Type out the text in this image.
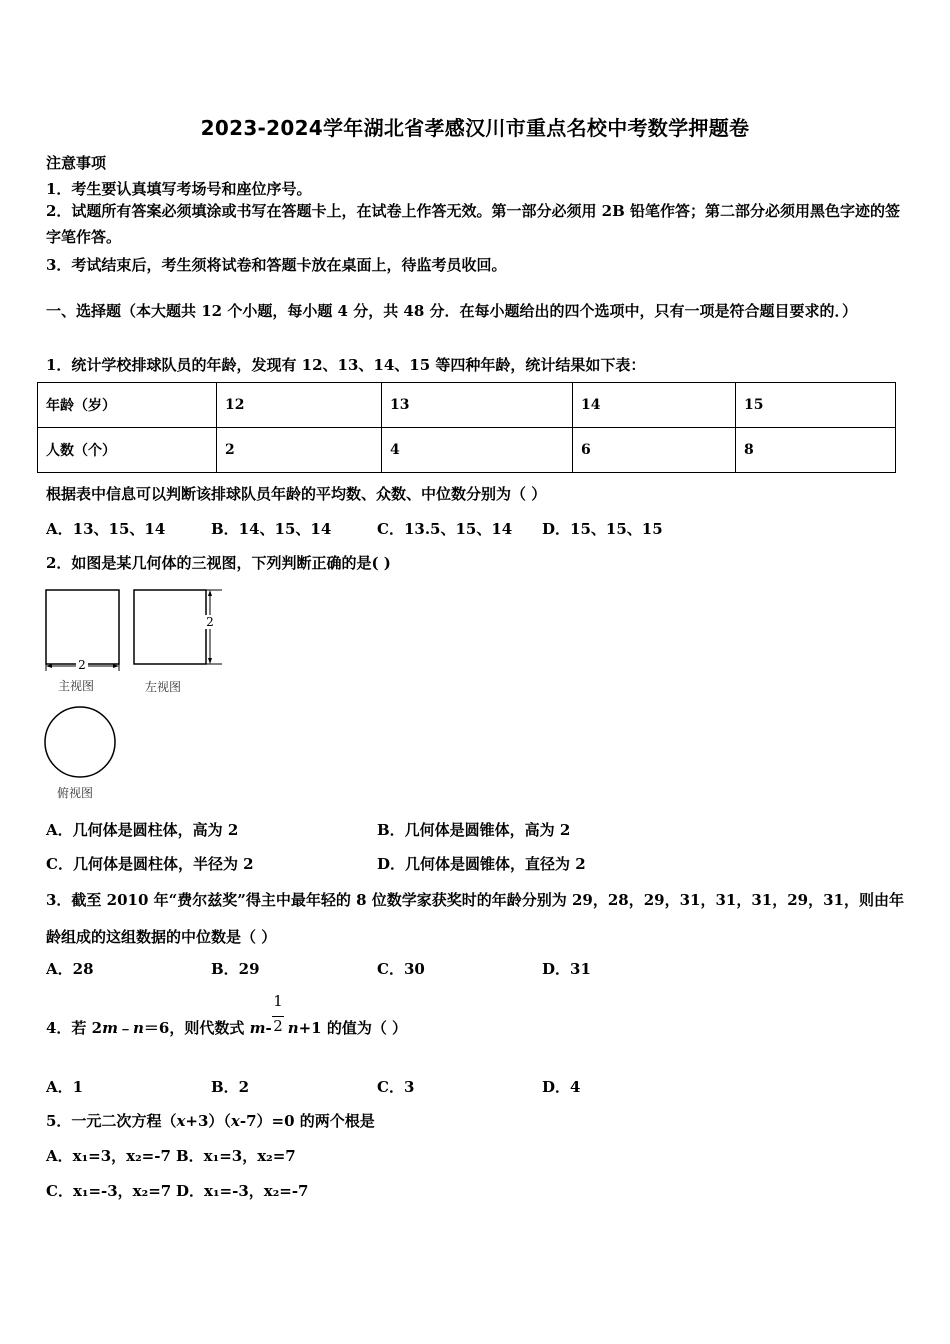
2023-2024学年湖北省孝感汉川市重点名校中考数学押题卷
注意事项
1．考生要认真填写考场号和座位序号。
2．试题所有答案必须填涂或书写在答题卡上，在试卷上作答无效。第一部分必须用 2B 铅笔作答；第二部分必须用黑色字迹的签字笔作答。
3．考试结束后，考生须将试卷和答题卡放在桌面上，待监考员收回。
一、选择题（本大题共 12 个小题，每小题 4 分，共 48 分．在每小题给出的四个选项中，只有一项是符合题目要求的．）
1．统计学校排球队员的年龄，发现有 12、13、14、15 等四种年龄，统计结果如下表：
年龄（岁）	12	13	14	15
人数（个）	2	4	6	8
根据表中信息可以判断该排球队员年龄的平均数、众数、中位数分别为（ ）
A．13、15、14	B．14、15、14	C．13.5、15、14 D．15、15、15
2．如图是某几何体的三视图，下列判断正确的是( )
2
2
主视图	左视图
俯视图
A．几何体是圆柱体，高为 2	B．几何体是圆锥体，高为 2
C．几何体是圆柱体，半径为 2	D．几何体是圆锥体，直径为 2
3．截至 2010 年“费尔兹奖”得主中最年轻的 8 位数学家获奖时的年龄分别为 29，28，29，31，31，31，29，31，则由年龄组成的这组数据的中位数是（ ）
A．28	B．29	C．30	D．31
4．若 2m﹣n＝6，则代数式 m- n+1 的值为（ ）
1
2
A．1	B．2	C．3	D．4
5．一元二次方程（x+3）（x-7）=0 的两个根是
A．x₁=3，x₂=-7 B．x₁=3，x₂=7
C．x₁=-3，x₂=7 D．x₁=-3，x₂=-7
